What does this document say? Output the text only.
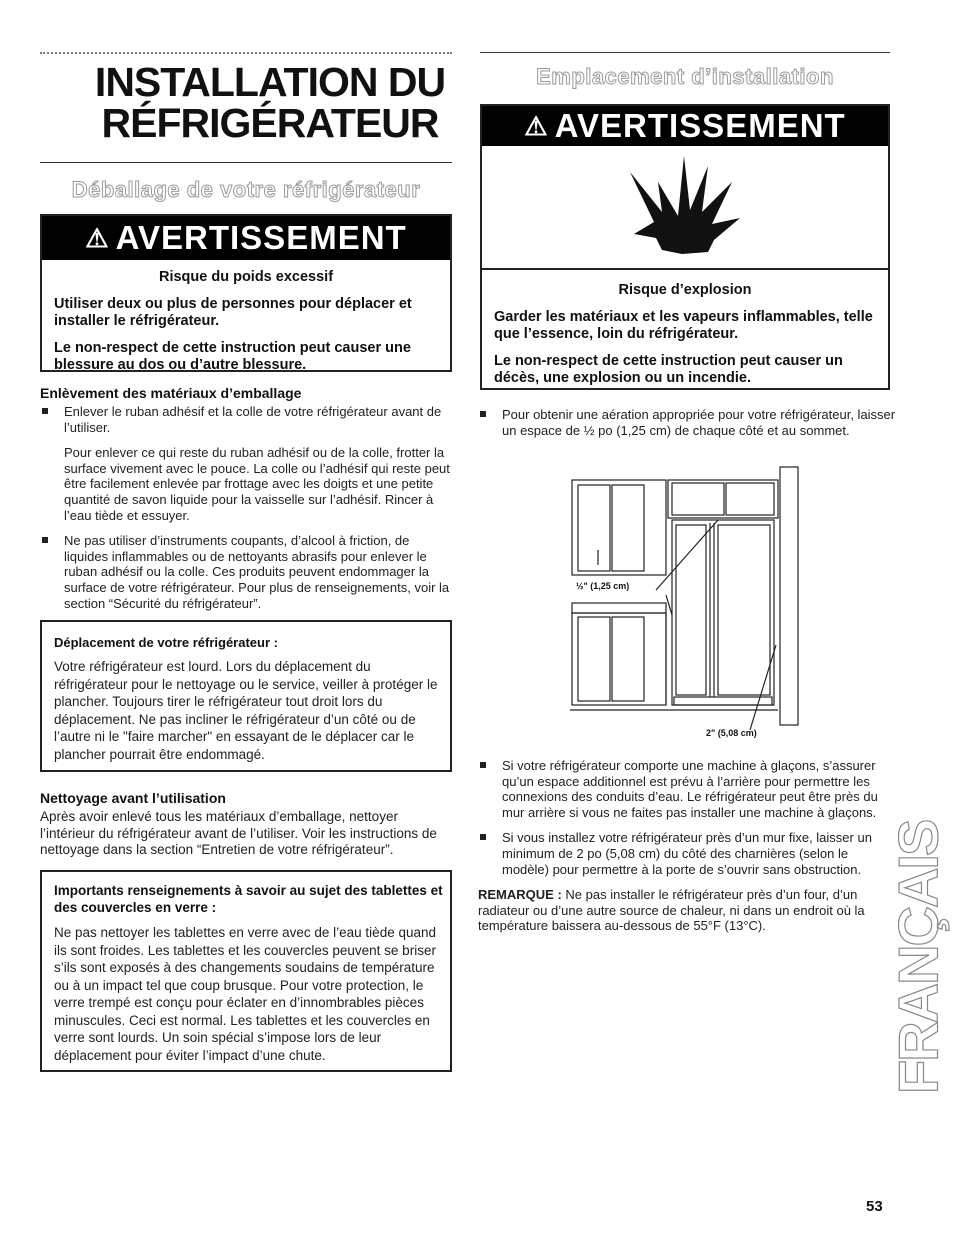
INSTALLATION DU
RÉFRIGÉRATEUR
Déballage de votre réfrigérateur
⚠ AVERTISSEMENT

Risque du poids excessif

Utiliser deux ou plus de personnes pour déplacer et installer le réfrigérateur.

Le non-respect de cette instruction peut causer une blessure au dos ou d’autre blessure.

Enlèvement des matériaux d’emballage

Enlever le ruban adhésif et la colle de votre réfrigérateur avant de l’utiliser.

Pour enlever ce qui reste du ruban adhésif ou de la colle, frotter la surface vivement avec le pouce. La colle ou l’adhésif qui reste peut être facilement enlevée par frottage avec les doigts et une petite quantité de savon liquide pour la vaisselle sur l’adhésif. Rincer à l’eau tiède et essuyer.

Ne pas utiliser d’instruments coupants, d’alcool à friction, de liquides inflammables ou de nettoyants abrasifs pour enlever le ruban adhésif ou la colle. Ces produits peuvent endommager la surface de votre réfrigérateur. Pour plus de renseignements, voir la section “Sécurité du réfrigérateur”.

Déplacement de votre réfrigérateur :
Votre réfrigérateur est lourd. Lors du déplacement du réfrigérateur pour le nettoyage ou le service, veiller à protéger le plancher. Toujours tirer le réfrigérateur tout droit lors du déplacement. Ne pas incliner le réfrigérateur d’un côté ou de l’autre ni le "faire marcher" en essayant de le déplacer car le plancher pourrait être endommagé.
Nettoyage avant l’utilisation
Après avoir enlevé tous les matériaux d’emballage, nettoyer l’intérieur du réfrigérateur avant de l’utiliser. Voir les instructions de nettoyage dans la section “Entretien de votre réfrigérateur”.
Importants renseignements à savoir au sujet des tablettes et des couvercles en verre :
Ne pas nettoyer les tablettes en verre avec de l’eau tiède quand ils sont froides. Les tablettes et les couvercles peuvent se briser s’ils sont exposés à des changements soudains de température ou à un impact tel que coup brusque. Pour votre protection, le verre trempé est conçu pour éclater en d’innombrables pièces minuscules. Ceci est normal. Les tablettes et les couvercles en verre sont lourds. Un soin spécial s’impose lors de leur déplacement pour éviter l’impact d’une chute.
Emplacement d’installation
⚠ AVERTISSEMENT

Risque d’explosion

Garder les matériaux et les vapeurs inflammables, telle que l’essence, loin du réfrigérateur.

Le non-respect de cette instruction peut causer un décès, une explosion ou un incendie.

Pour obtenir une aération appropriée pour votre réfrigérateur, laisser un espace de ½ po (1,25 cm) de chaque côté et au sommet.

½" (1,25 cm)
2" (5,08 cm)

Si votre réfrigérateur comporte une machine à glaçons, s’assurer qu’un espace additionnel est prévu à l’arrière pour permettre les connexions des conduits d’eau. Le réfrigérateur peut être près du mur arrière si vous ne faites pas installer une machine à glaçons.

Si vous installez votre réfrigérateur près d’un mur fixe, laisser un minimum de 2 po (5,08 cm) du côté des charnières (selon le modèle) pour permettre à la porte de s’ouvrir sans obstruction.

REMARQUE : Ne pas installer le réfrigérateur près d’un four, d’un radiateur ou d’une autre source de chaleur, ni dans un endroit où la température baissera au-dessous de 55°F (13°C).	FRANÇAIS
53
